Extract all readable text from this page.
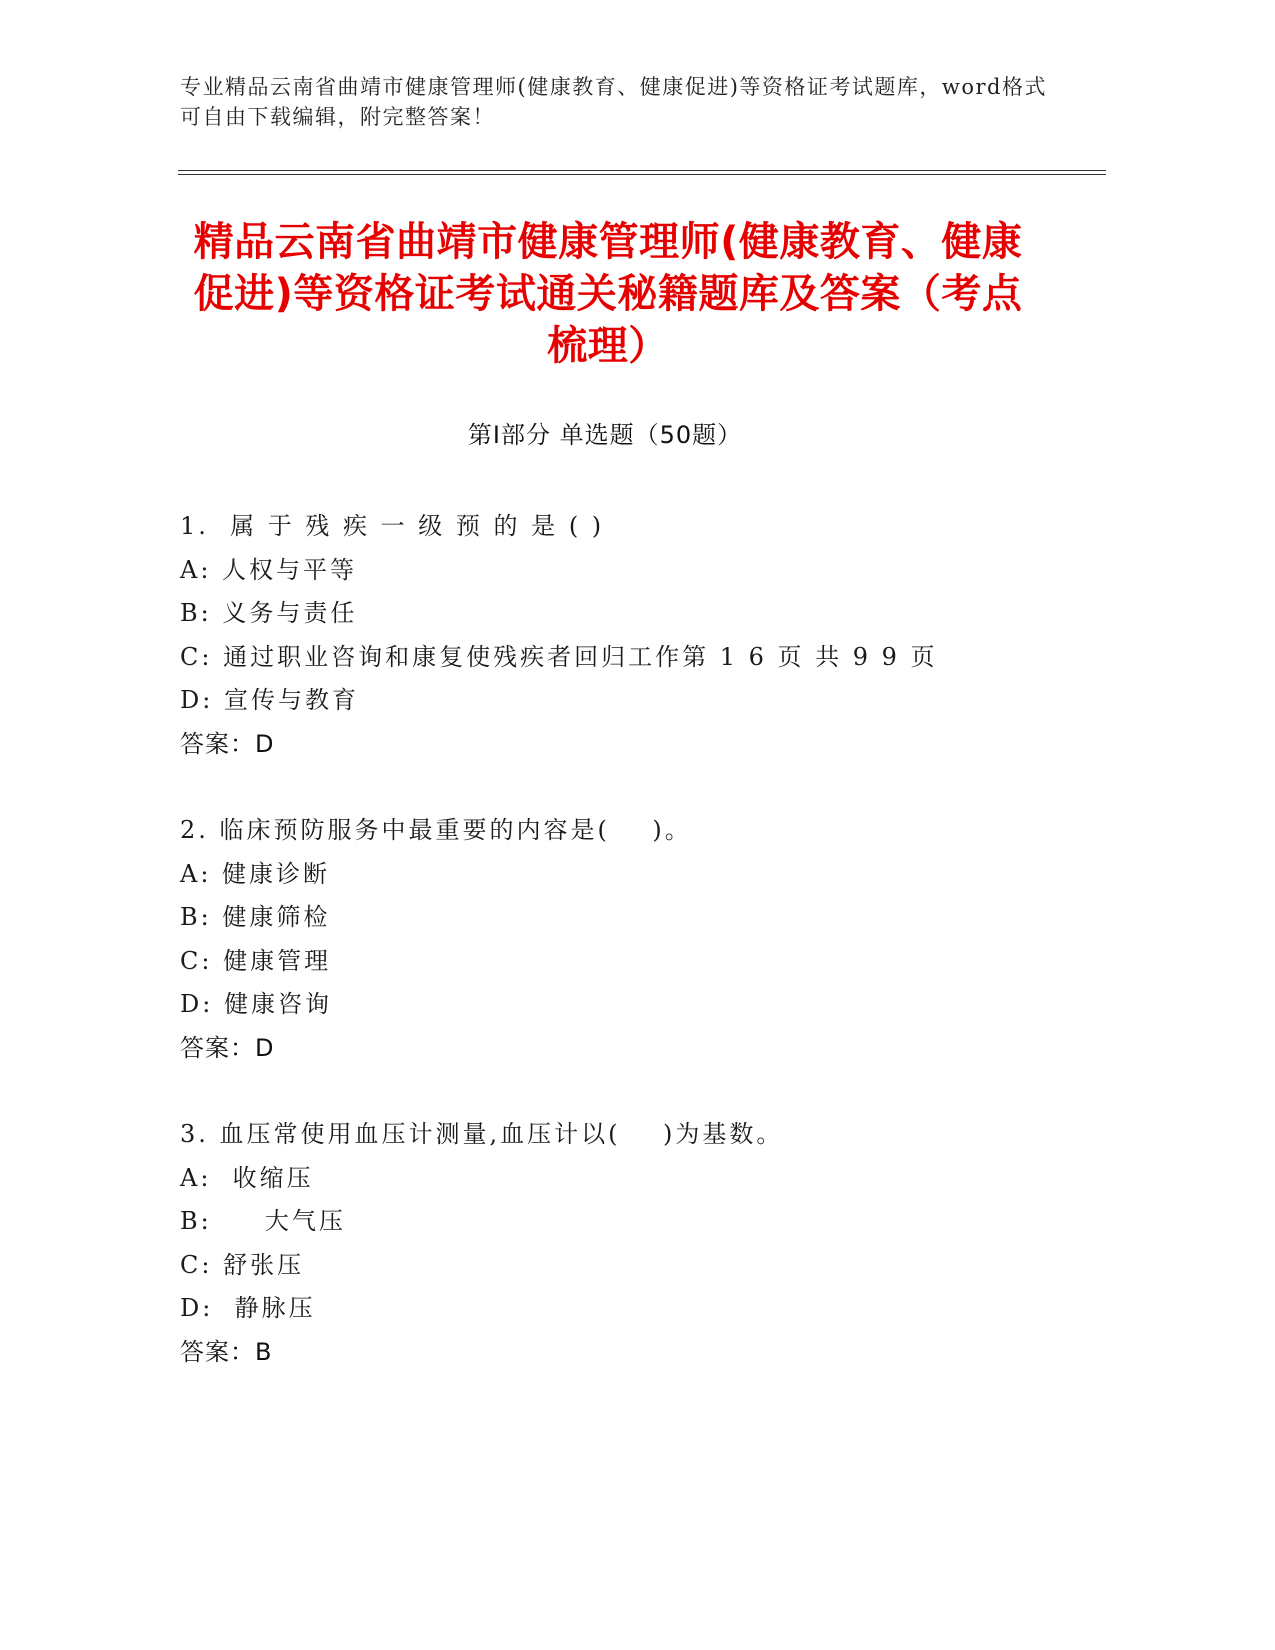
专业精品云南省曲靖市健康管理师(健康教育、健康促进)等资格证考试题库，word格式可自由下载编辑，附完整答案！
精品云南省曲靖市健康管理师(健康教育、健康促进)等资格证考试通关秘籍题库及答案（考点梳理）
第Ⅰ部分 单选题（50题）
1.  属 于 残 疾 一 级 预 的 是 ( )
A: 人权与平等
B: 义务与责任
C: 通过职业咨询和康复使残疾者回归工作第 1 6 页 共 9 9 页
D: 宣传与教育
答案：D
2. 临床预防服务中最重要的内容是(    )。
A: 健康诊断
B: 健康筛检
C: 健康管理
D: 健康咨询
答案：D
3. 血压常使用血压计测量,血压计以(    )为基数。
A:  收缩压
B:     大气压
C: 舒张压
D:  静脉压
答案：B
